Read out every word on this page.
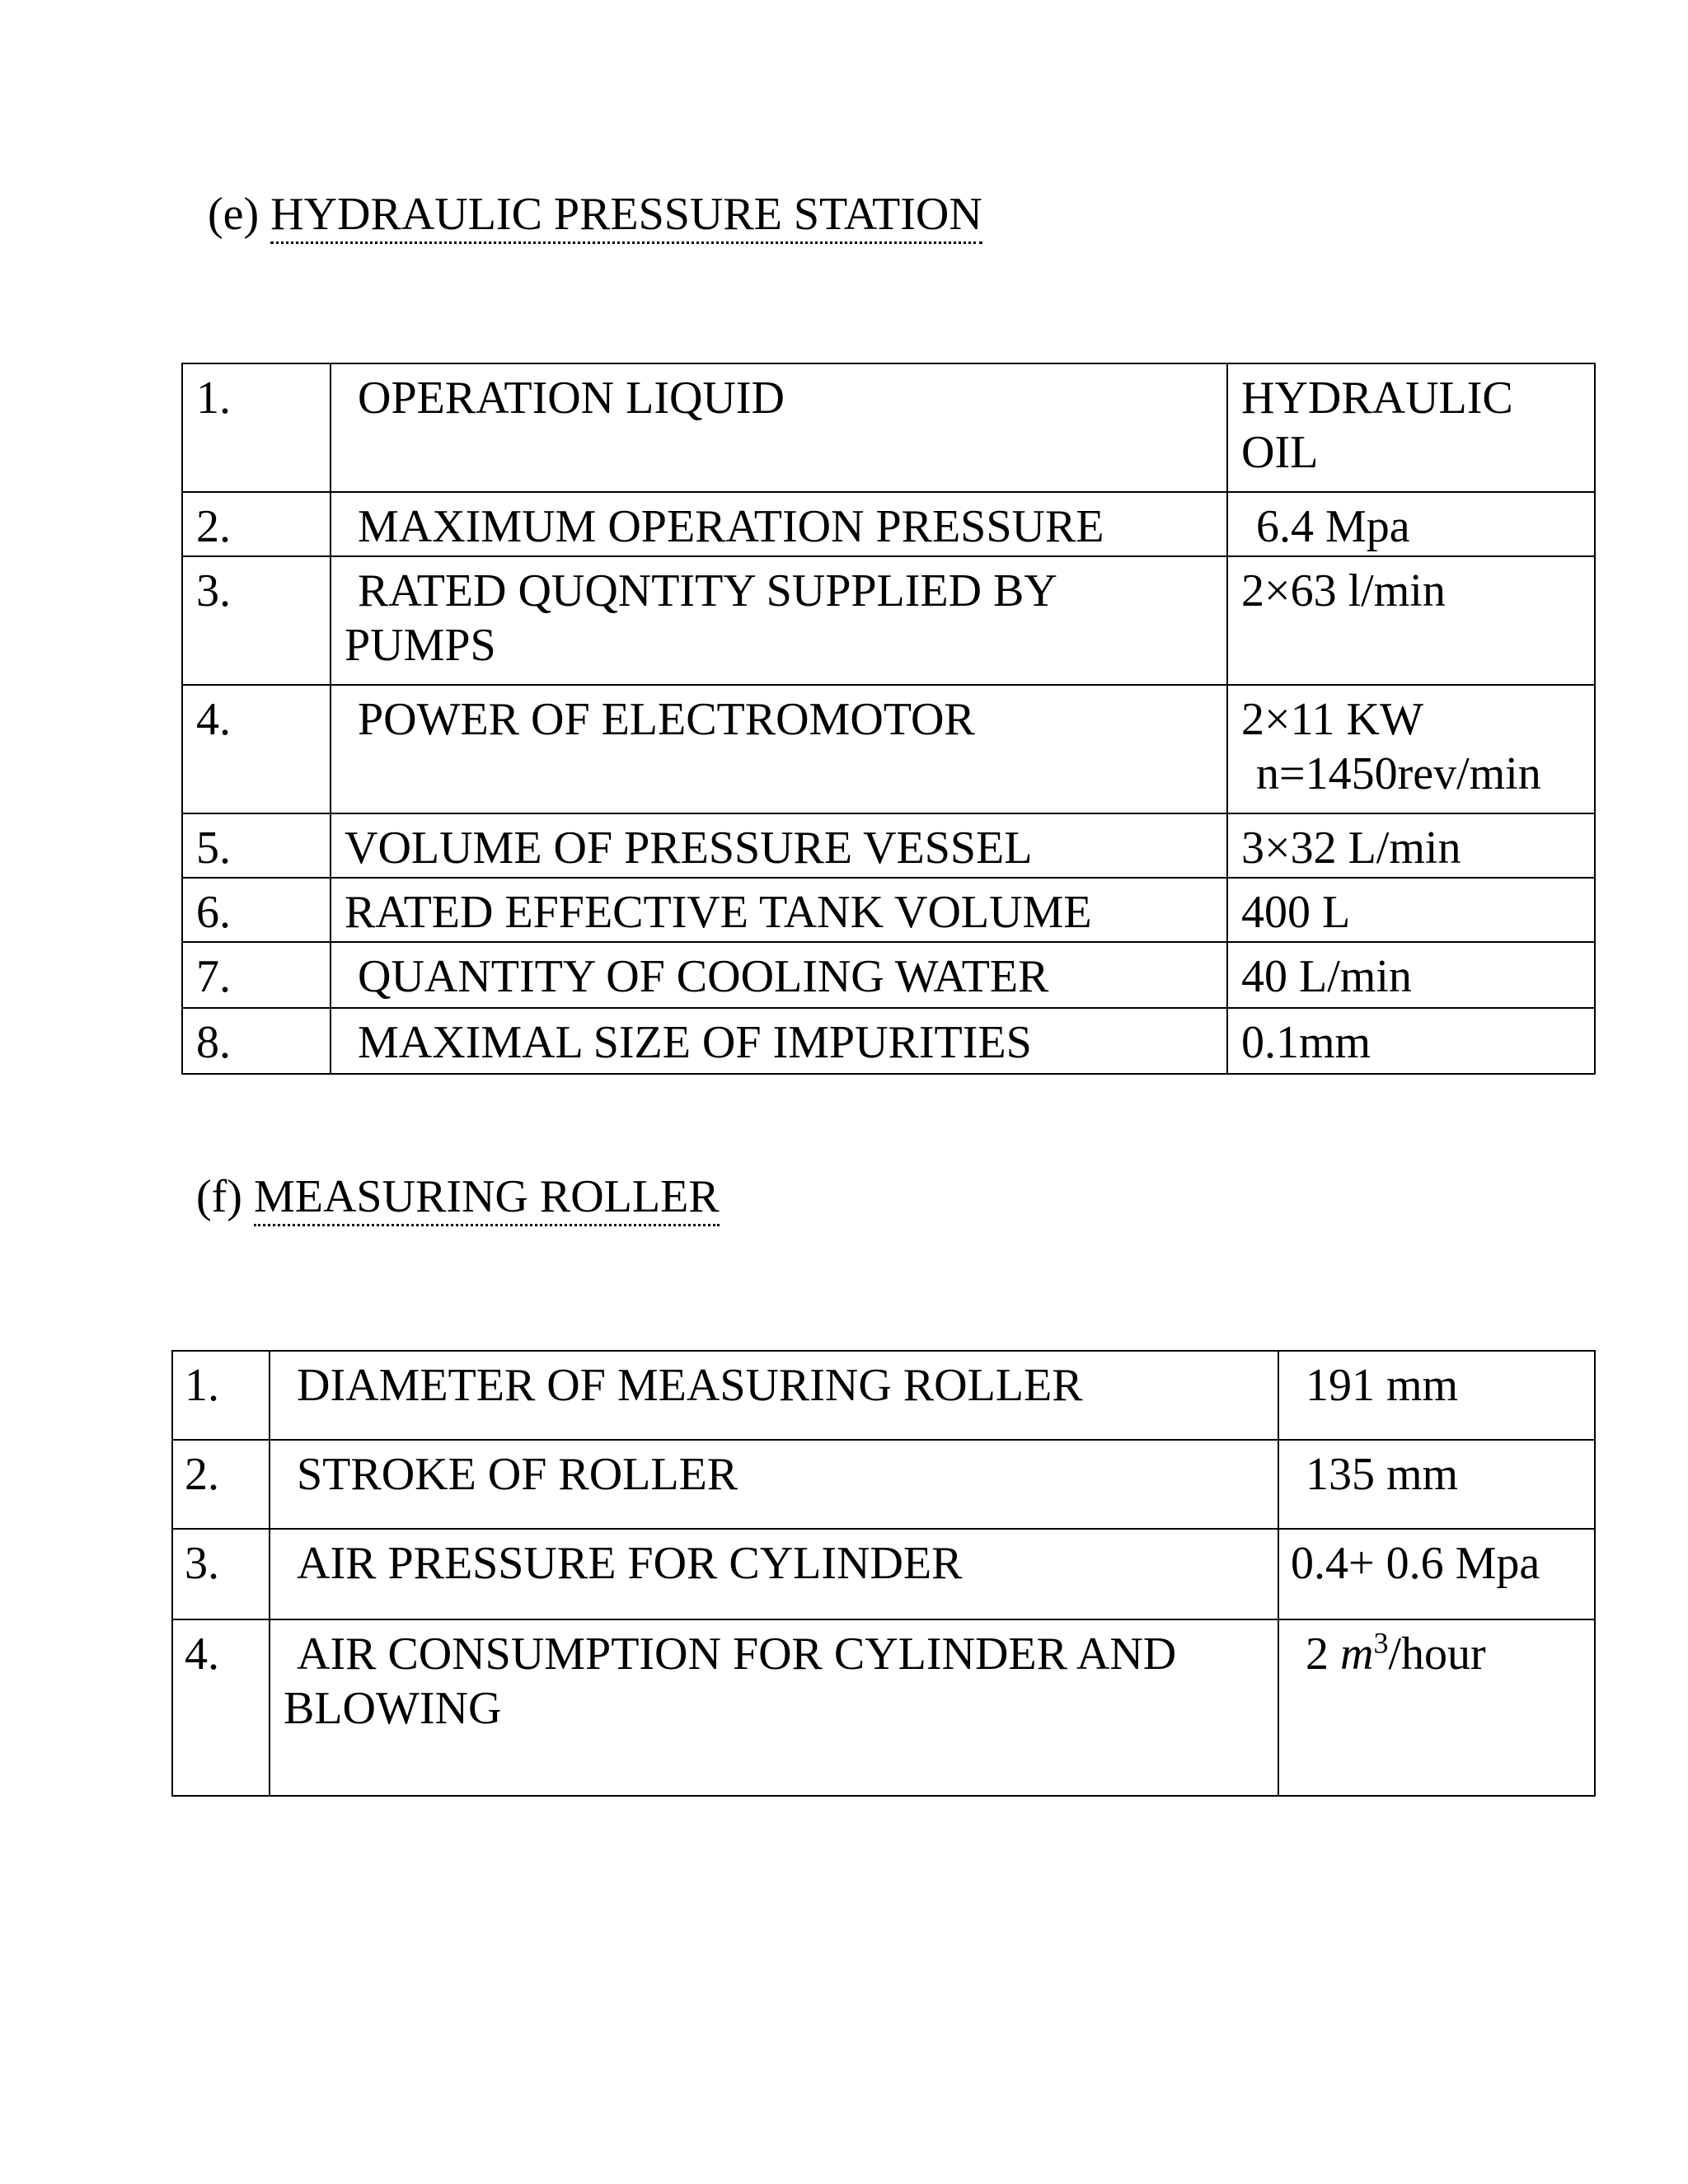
(e) HYDRAULIC PRESSURE STATION
1.	OPERATION LIQUID	HYDRAULIC
OIL

2.	MAXIMUM OPERATION PRESSURE	6.4 Mpa
3.	RATED QUQNTITY SUPPLIED BY
PUMPS	2×63 l/min
4.	POWER OF ELECTROMOTOR	2×11 KW
n=1450rev/min

5.	VOLUME OF PRESSURE VESSEL	3×32 L/min
6.	RATED EFFECTIVE TANK VOLUME	400 L
7.	QUANTITY OF COOLING WATER	40 L/min
8.	MAXIMAL SIZE OF IMPURITIES	0.1mm
(f) MEASURING ROLLER
1.	DIAMETER OF MEASURING ROLLER	191 mm
2.	STROKE OF ROLLER	135 mm
3.	AIR PRESSURE FOR CYLINDER	0.4+ 0.6 Mpa
4.	AIR CONSUMPTION FOR CYLINDER AND
BLOWING	2 $m^3$/hour
